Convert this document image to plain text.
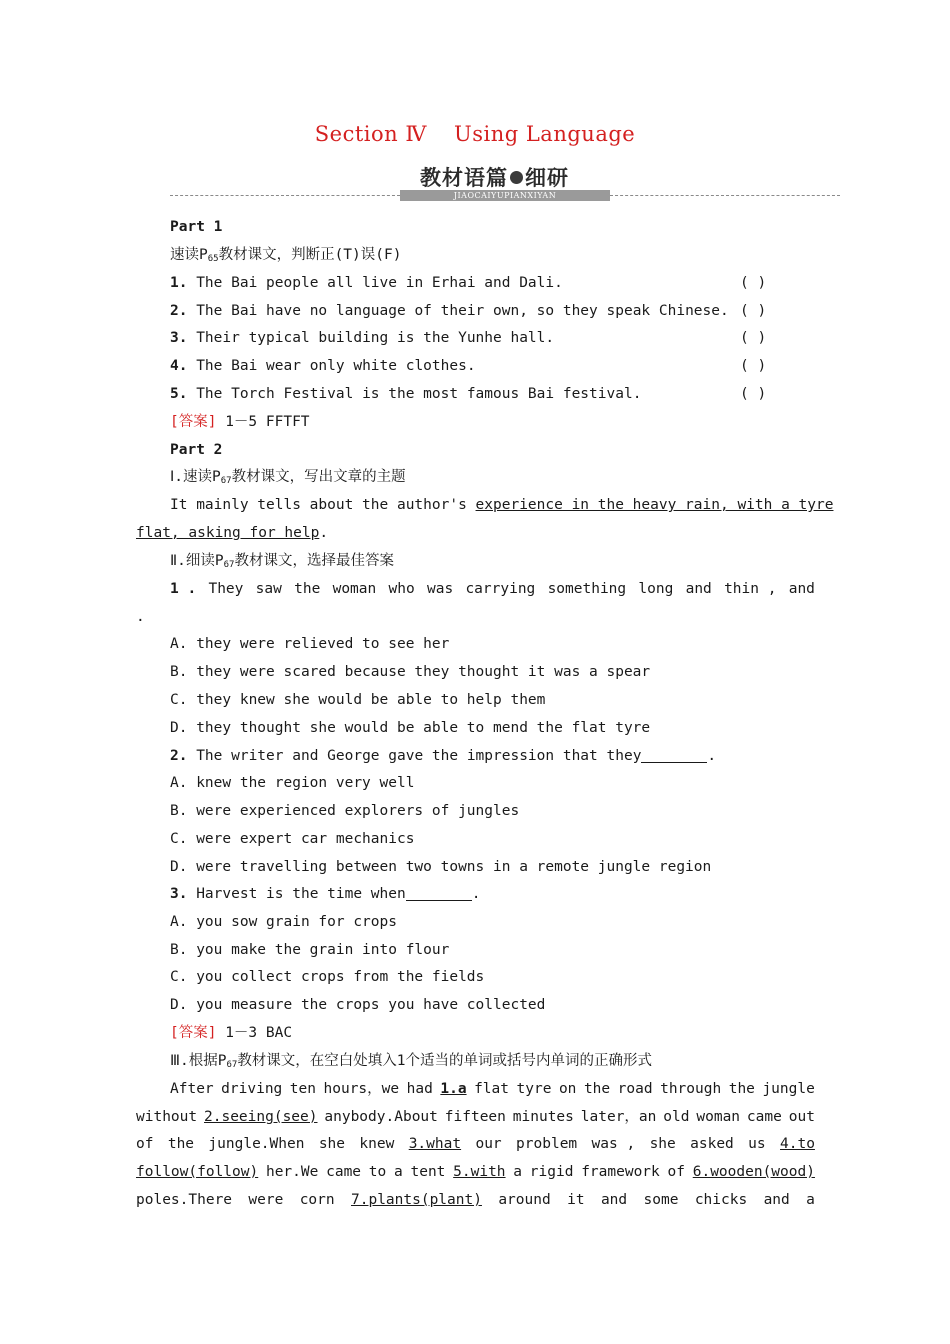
Section Ⅳ Using Language
教材语篇 细研
JIAOCAIYUPIANXIYAN
Part 1
速读P65教材课文，判断正(T)误(F)
1. The Bai people all live in Erhai and Dali.	( )
2. The Bai have no language of their own, so they speak Chinese. ( )
3. Their typical building is the Yunhe hall.	( )
4. The Bai wear only white clothes.	( )
5. The Torch Festival is the most famous Bai festival.	( )
[答案] 1－5 FFTFT
Part 2
Ⅰ.速读P67教材课文，写出文章的主题
It mainly tells about the author's experience in the heavy rain, with a tyre
flat, asking for help.
Ⅱ.细读P67教材课文，选择最佳答案
1 . They saw the woman who was carrying something long and thin , and
.
A. they were relieved to see her
B. they were scared because they thought it was a spear
C. they knew she would be able to help them
D. they thought she would be able to mend the flat tyre
2. The writer and George gave the impression that they	.
A. knew the region very well
B. were experienced explorers of jungles
C. were expert car mechanics
D. were travelling between two towns in a remote jungle region
3. Harvest is the time when	.
A. you sow grain for crops
B. you make the grain into flour
C. you collect crops from the fields
D. you measure the crops you have collected
[答案] 1－3 BAC
Ⅲ.根据P67教材课文，在空白处填入1个适当的单词或括号内单词的正确形式
After driving ten hours，we had 1.a flat tyre on the road through the jungle
without 2.seeing(see) anybody.About fifteen minutes later，an old woman came out
of the jungle.When she knew 3.what our problem was , she asked us 4.to
follow(follow) her.We came to a tent 5.with a rigid framework of 6.wooden(wood)
poles.There were corn 7.plants(plant) around it and some chicks and a
